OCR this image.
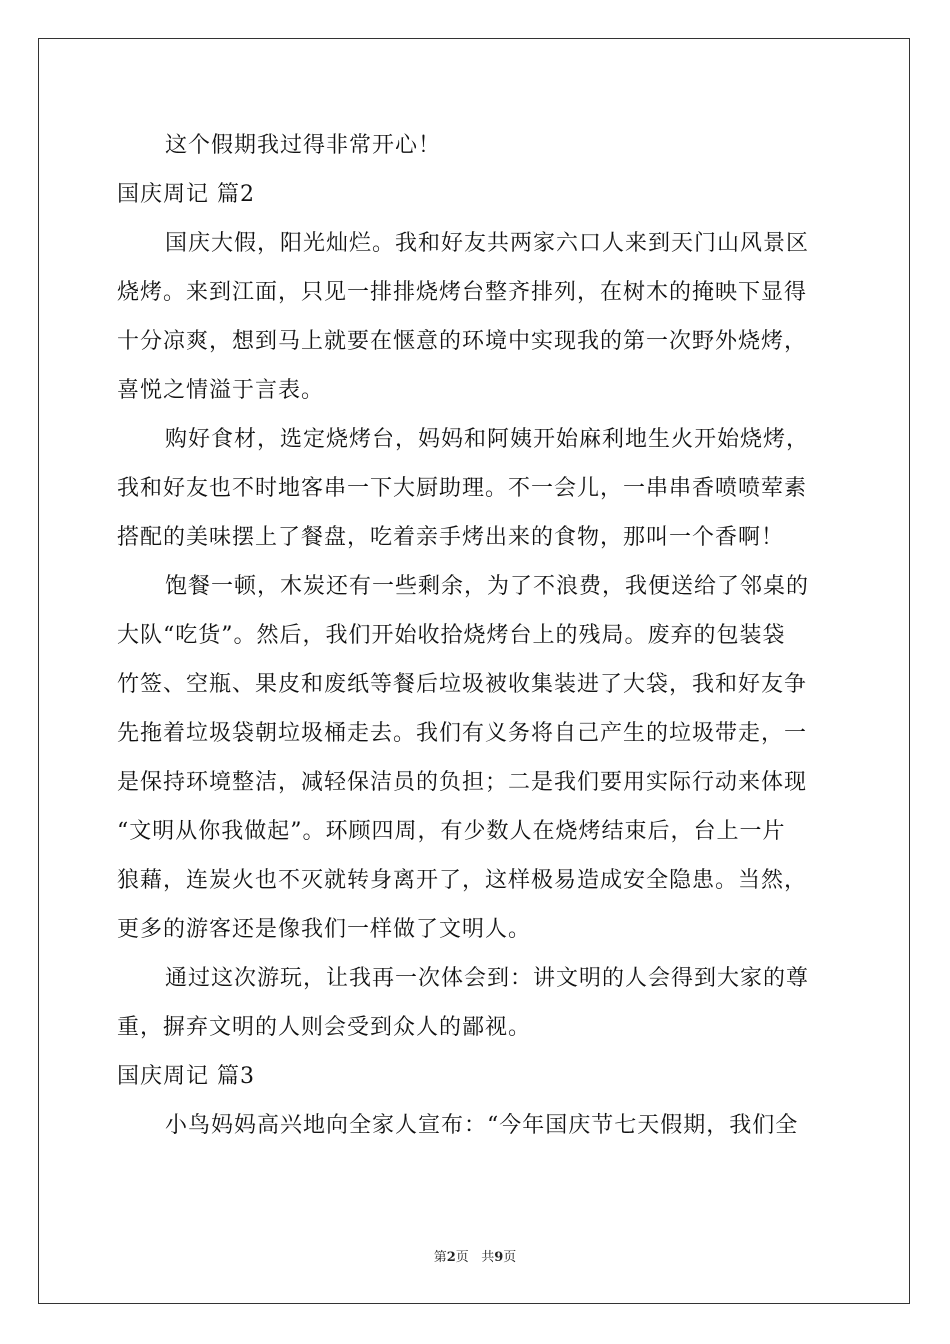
这个假期我过得非常开心！
国庆周记 篇2
国庆大假，阳光灿烂。我和好友共两家六口人来到天门山风景区
烧烤。来到江面，只见一排排烧烤台整齐排列，在树木的掩映下显得
十分凉爽，想到马上就要在惬意的环境中实现我的第一次野外烧烤，
喜悦之情溢于言表。
购好食材，选定烧烤台，妈妈和阿姨开始麻利地生火开始烧烤，
我和好友也不时地客串一下大厨助理。不一会儿，一串串香喷喷荤素
搭配的美味摆上了餐盘，吃着亲手烤出来的食物，那叫一个香啊！
饱餐一顿，木炭还有一些剩余，为了不浪费，我便送给了邻桌的
大队“吃货”。然后，我们开始收拾烧烤台上的残局。废弃的包装袋
竹签、空瓶、果皮和废纸等餐后垃圾被收集装进了大袋，我和好友争
先拖着垃圾袋朝垃圾桶走去。我们有义务将自己产生的垃圾带走，一
是保持环境整洁，减轻保洁员的负担；二是我们要用实际行动来体现
“文明从你我做起”。环顾四周，有少数人在烧烤结束后，台上一片
狼藉，连炭火也不灭就转身离开了，这样极易造成安全隐患。当然，
更多的游客还是像我们一样做了文明人。
通过这次游玩，让我再一次体会到：讲文明的人会得到大家的尊
重，摒弃文明的人则会受到众人的鄙视。
国庆周记 篇3
小鸟妈妈高兴地向全家人宣布：“今年国庆节七天假期，我们全
第2页 共9页
